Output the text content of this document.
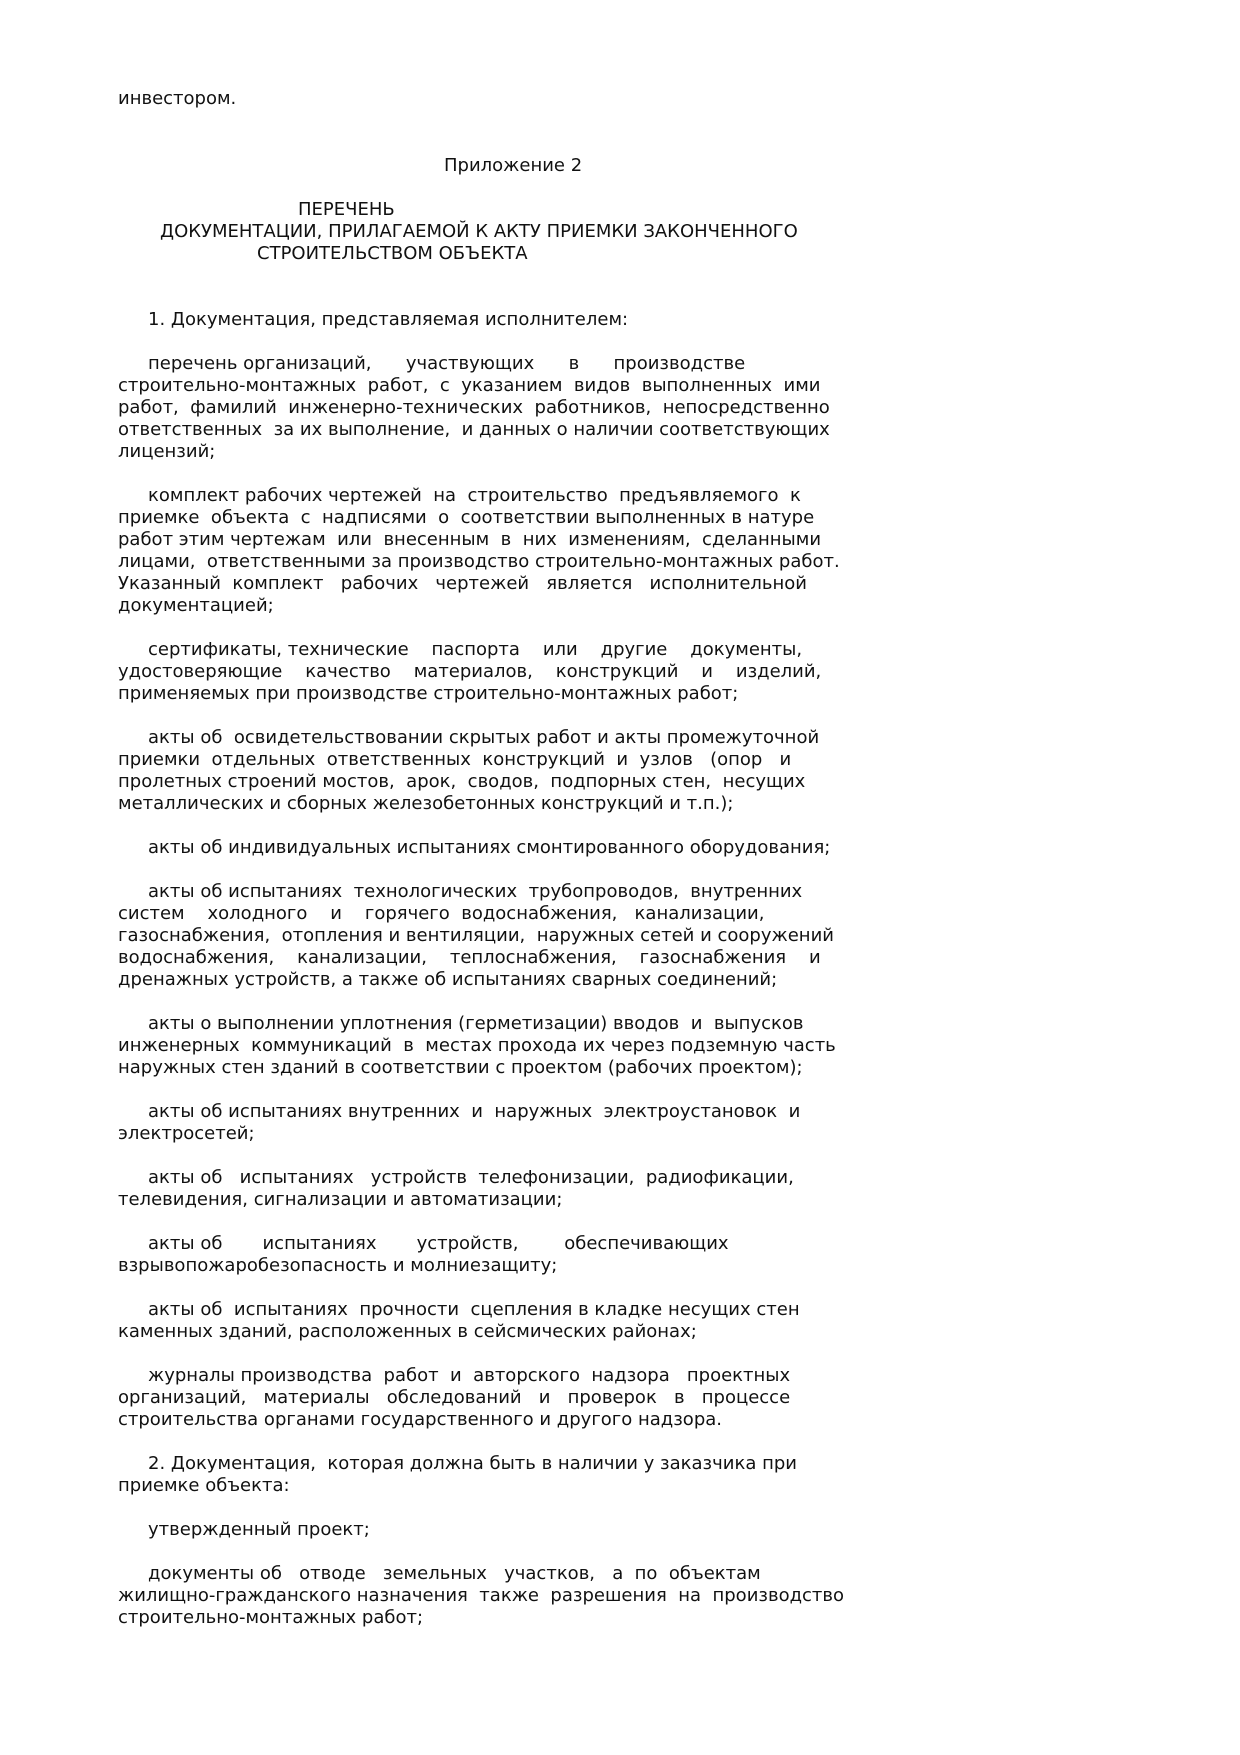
инвестором.

Приложение 2

ПЕРЕЧЕНЬ

ДОКУМЕНТАЦИИ, ПРИЛАГАЕМОЙ К АКТУ ПРИЕМКИ ЗАКОНЧЕННОГО

СТРОИТЕЛЬСТВОМ ОБЪЕКТА

1. Документация, представляемая исполнителем:

перечень организаций,      участвующих      в      производстве

строительно-монтажных  работ,  с  указанием  видов  выполненных  ими

работ,  фамилий  инженерно-технических  работников,  непосредственно

ответственных  за их выполнение,  и данных о наличии соответствующих

лицензий;

комплект рабочих чертежей  на  строительство  предъявляемого  к

приемке  объекта  с  надписями  о  соответствии выполненных в натуре

работ этим чертежам  или  внесенным  в  них  изменениям,  сделанными

лицами,  ответственными за производство строительно-монтажных работ.

Указанный  комплект   рабочих   чертежей   является   исполнительной

документацией;

сертификаты, технические    паспорта    или    другие    документы,

удостоверяющие    качество    материалов,    конструкций    и    изделий,

применяемых при производстве строительно-монтажных работ;

акты об  освидетельствовании скрытых работ и акты промежуточной

приемки  отдельных  ответственных  конструкций  и  узлов   (опор   и

пролетных строений мостов,  арок,  сводов,  подпорных стен,  несущих

металлических и сборных железобетонных конструкций и т.п.);

акты об индивидуальных испытаниях смонтированного оборудования;

акты об испытаниях  технологических  трубопроводов,  внутренних

систем    холодного    и    горячего  водоснабжения,   канализации,

газоснабжения,  отопления и вентиляции,  наружных сетей и сооружений

водоснабжения,    канализации,    теплоснабжения,    газоснабжения    и

дренажных устройств, а также об испытаниях сварных соединений;

акты о выполнении уплотнения (герметизации) вводов  и  выпусков

инженерных  коммуникаций  в  местах прохода их через подземную часть

наружных стен зданий в соответствии с проектом (рабочих проектом);

акты об испытаниях внутренних  и  наружных  электроустановок  и

электросетей;

акты об   испытаниях   устройств  телефонизации,  радиофикации,

телевидения, сигнализации и автоматизации;

акты об       испытаниях       устройств,        обеспечивающих

взрывопожаробезопасность и молниезащиту;

акты об  испытаниях  прочности  сцепления в кладке несущих стен

каменных зданий, расположенных в сейсмических районах;

журналы производства  работ  и  авторского  надзора   проектных

организаций,   материалы   обследований   и   проверок   в   процессе

строительства органами государственного и другого надзора.

2. Документация,  которая должна быть в наличии у заказчика при

приемке объекта:

утвержденный проект;

документы об   отводе   земельных   участков,   а  по  объектам

жилищно-гражданского назначения  также  разрешения  на  производство

строительно-монтажных работ;
